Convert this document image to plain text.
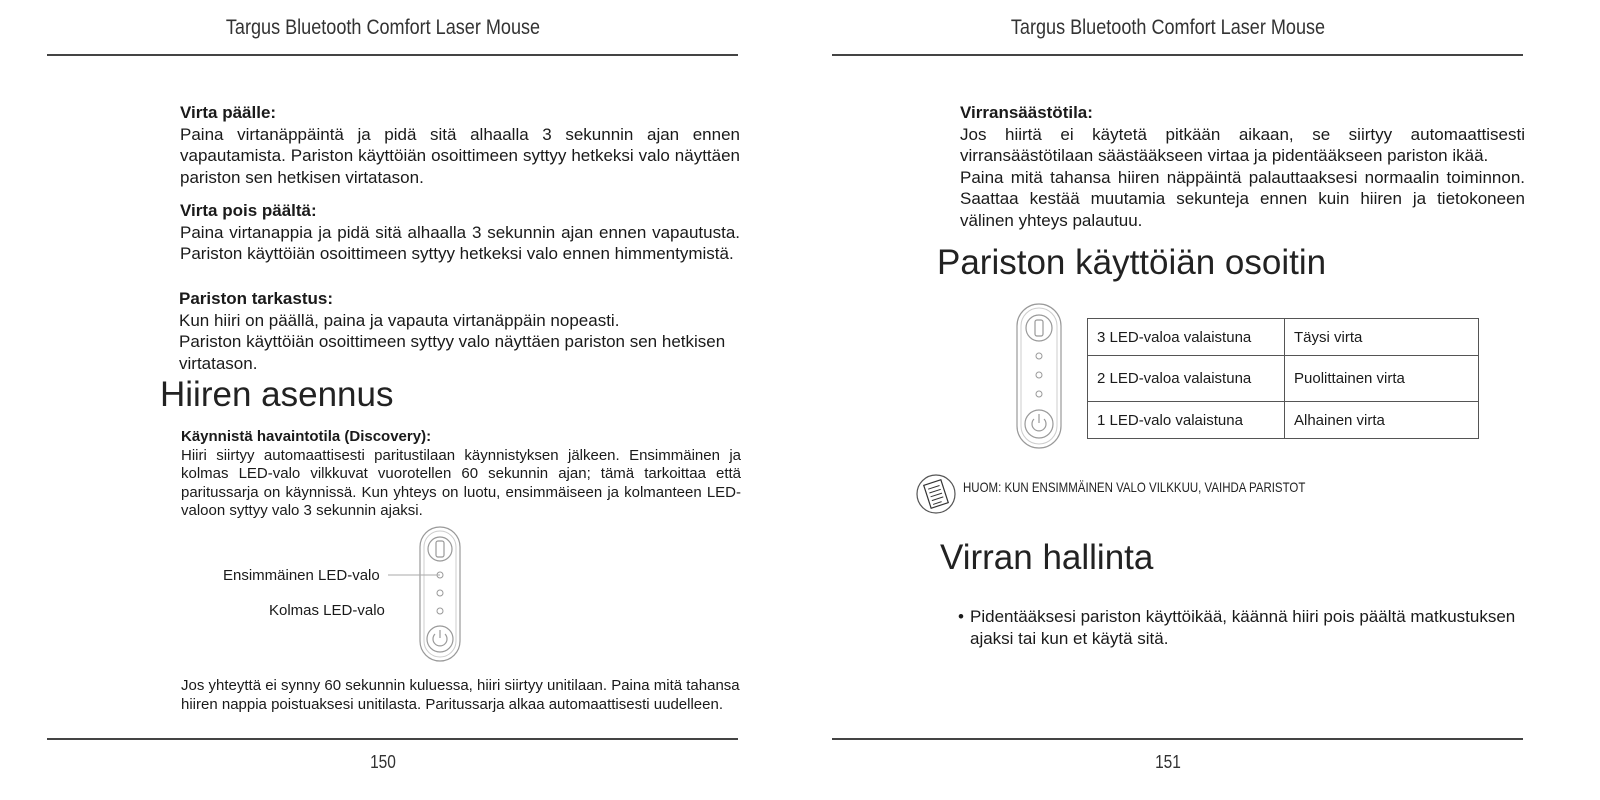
Targus Bluetooth Comfort Laser Mouse
Virta päälle:

Paina virtanäppäintä ja pidä sitä alhaalla 3 sekunnin ajan ennen vapautamista. Pariston käyttöiän osoittimeen syttyy hetkeksi valo näyttäen pariston sen hetkisen virtatason.

Virta pois päältä:

Paina virtanappia ja pidä sitä alhaalla 3 sekunnin ajan ennen vapautusta. Pariston käyttöiän osoittimeen syttyy hetkeksi valo ennen himmentymistä.

Pariston tarkastus:

Kun hiiri on päällä, paina ja vapauta virtanäppäin nopeasti.

Pariston käyttöiän osoittimeen syttyy valo näyttäen pariston sen hetkisen virtatason.

Hiiren asennus
Käynnistä havaintotila (Discovery):

Hiiri siirtyy automaattisesti paritustilaan käynnistyksen jälkeen. Ensimmäinen ja kolmas LED-valo vilkkuvat vuorotellen 60 sekunnin ajan; tämä tarkoittaa että paritussarja on käynnissä. Kun yhteys on luotu, ensimmäiseen ja kolmanteen LED-valoon syttyy valo 3 sekunnin ajaksi.

Ensimmäinen LED-valo
Kolmas LED-valo

Jos yhteyttä ei synny 60 sekunnin kuluessa, hiiri siirtyy unitilaan. Paina mitä tahansa hiiren nappia poistuaksesi unitilasta. Paritussarja alkaa automaattisesti uudelleen.

150
Targus Bluetooth Comfort Laser Mouse
Virransäästötila:

Jos hiirtä ei käytetä pitkään aikaan, se siirtyy automaattisesti virransäästötilaan säästääkseen virtaa ja pidentääkseen pariston ikää.

Paina mitä tahansa hiiren näppäintä palauttaaksesi normaalin toiminnon. Saattaa kestää muutamia sekunteja ennen kuin hiiren ja tietokoneen välinen yhteys palautuu.

Pariston käyttöiän osoitin
3 LED-valoa valaistuna	Täysi virta
2 LED-valoa valaistuna	Puolittainen virta
1 LED-valo valaistuna	Alhainen virta
HUOM: KUN ENSIMMÄINEN VALO VILKKUU, VAIHDA PARISTOT
Virran hallinta
• Pidentääksesi pariston käyttöikää, käännä hiiri pois päältä matkustuksen
ajaksi tai kun et käytä sitä.
151
